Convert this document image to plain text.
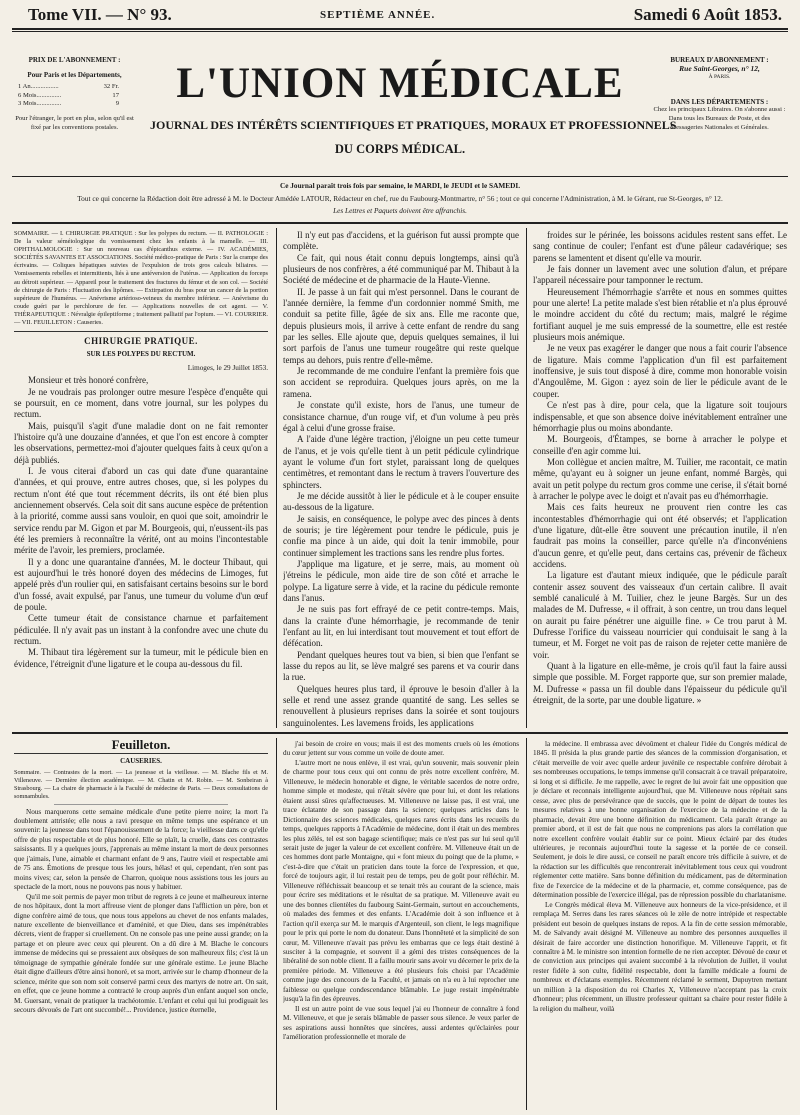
Tome VII. — N° 93.	SEPTIÈME ANNÉE.	Samedi 6 Août 1853.
PRIX DE L'ABONNEMENT :
Pour Paris et les Départements,
1 An.................	32 Fr.
6 Mois...............	17
3 Mois...............	9
Pour l'étranger, le port en plus, selon qu'il est fixé par les conventions postales.
BUREAUX D'ABONNEMENT :
Rue Saint-Georges, n° 12,
À PARIS.
DANS LES DÉPARTEMENTS :
Chez les principaux Libraires. On s'abonne aussi : Dans tous les Bureaux de Poste, et des Messageries Nationales et Générales.
L'UNION MÉDICALE
JOURNAL DES INTÉRÊTS SCIENTIFIQUES ET PRATIQUES, MORAUX ET PROFESSIONNELS
DU CORPS MÉDICAL.
Ce Journal paraît trois fois par semaine, le MARDI, le JEUDI et le SAMEDI.
Tout ce qui concerne la Rédaction doit être adressé à M. le Docteur Amédée LATOUR, Rédacteur en chef, rue du Faubourg-Montmartre, n° 56 ; tout ce qui concerne l'Administration, à M. le Gérant, rue St-Georges, n° 12.
Les Lettres et Paquets doivent être affranchis.
SOMMAIRE. — I. CHIRURGIE PRATIQUE : Sur les polypes du rectum. — II. PATHOLOGIE : De la valeur séméiologique du vomissement chez les enfants à la mamelle. — III. OPHTHALMOLOGIE : Sur un nouveau cas d'épicanthus externe. — IV. ACADÉMIES, SOCIÉTÉS SAVANTES ET ASSOCIATIONS. Société médico-pratique de Paris : Sur la crampe des écrivains. — Coliques hépatiques suivies de l'expulsion de trois gros calculs biliaires. — Vomissements rebelles et intermittents, liés à une antéversion de l'utérus. — Application du forceps au détroit supérieur. — Appareil pour le traitement des fractures du fémur et de son col. — Société de chirurgie de Paris : Fluctuation des lipômes. — Extirpation du bras pour un cancer de la portion supérieure de l'humérus. — Anévrisme artérioso-veineux du membre inférieur. — Anévrisme du coude guéri par le perchlorure de fer. — Applications nouvelles de cet agent. — V. THÉRAPEUTIQUE : Névralgie épileptiforme ; traitement palliatif par l'opium. — VI. COURRIER. — VII. FEUILLETON : Causeries.
CHIRURGIE PRATIQUE.
SUR LES POLYPES DU RECTUM.
Limoges, le 29 Juillet 1853.

Monsieur et très honoré confrère,

Je ne voudrais pas prolonger outre mesure l'espèce d'enquête qui se poursuit, en ce moment, dans votre journal, sur les polypes du rectum.

Mais, puisqu'il s'agit d'une maladie dont on ne fait remonter l'histoire qu'à une douzaine d'années, et que l'on est encore à compter les observations, permettez-moi d'ajouter quelques faits à ceux qu'on a déjà publiés.

I. Je vous citerai d'abord un cas qui date d'une quarantaine d'années, et qui prouve, entre autres choses, que, si les polypes du rectum n'ont été que tout récemment décrits, ils ont été bien plus anciennement observés. Cela soit dit sans aucune espèce de prétention à la priorité, comme aussi sans vouloir, en quoi que soit, amoindrir le service rendu par M. Gigon et par M. Bourgeois, qui, n'eussent-ils pas été les premiers à reconnaître la vérité, ont au moins l'incontestable mérite de l'avoir, les premiers, proclamée.

Il y a donc une quarantaine d'années, M. le docteur Thibaut, qui est aujourd'hui le très honoré doyen des médecins de Limoges, fut appelé près d'un roulier qui, en satisfaisant certains besoins sur le bord d'un fossé, avait expulsé, par l'anus, une tumeur du volume d'un œuf de poule.

Cette tumeur était de consistance charnue et parfaitement pédiculée. Il n'y avait pas un instant à la confondre avec une chute du rectum.

M. Thibaut tira légèrement sur la tumeur, mit le pédicule bien en évidence, l'étreignit d'une ligature et le coupa au-dessous du fil.

Il n'y eut pas d'accidens, et la guérison fut aussi prompte que complète.

Ce fait, qui nous était connu depuis longtemps, ainsi qu'à plusieurs de nos confrères, a été communiqué par M. Thibaut à la Société de médecine et de pharmacie de la Haute-Vienne.

II. Je passe à un fait qui m'est personnel. Dans le courant de l'année dernière, la femme d'un cordonnier nommé Smith, me conduit sa petite fille, âgée de six ans. Elle me raconte que, depuis plusieurs mois, il arrive à cette enfant de rendre du sang par les selles. Elle ajoute que, depuis quelques semaines, il lui sort parfois de l'anus une tumeur rougeâtre qui reste quelque temps au dehors, puis rentre d'elle-même.

Je recommande de me conduire l'enfant la première fois que son accident se reproduira. Quelques jours après, on me la ramena.

Je constate qu'il existe, hors de l'anus, une tumeur de consistance charnue, d'un rouge vif, et d'un volume à peu près égal à celui d'une grosse fraise.

A l'aide d'une légère traction, j'éloigne un peu cette tumeur de l'anus, et je vois qu'elle tient à un petit pédicule cylindrique ayant le volume d'un fort stylet, paraissant long de quelques centimètres, et remontant dans le rectum à travers l'ouverture des sphincters.

Je me décide aussitôt à lier le pédicule et à le couper ensuite au-dessous de la ligature.

Je saisis, en conséquence, le polype avec des pinces à dents de souris; je tire légèrement pour tendre le pédicule, puis je confie ma pince à un aide, qui doit la tenir immobile, pour continuer simplement les tractions sans les rendre plus fortes.

J'applique ma ligature, et je serre, mais, au moment où j'étreins le pédicule, mon aide tire de son côté et arrache le polype. La ligature serre à vide, et la racine du pédicule remonte dans l'anus.

Je ne suis pas fort effrayé de ce petit contre-temps. Mais, dans la crainte d'une hémorrhagie, je recommande de tenir l'enfant au lit, en lui interdisant tout mouvement et tout effort de défécation.

Pendant quelques heures tout va bien, si bien que l'enfant se lasse du repos au lit, se lève malgré ses parens et va courir dans la rue.

Quelques heures plus tard, il éprouve le besoin d'aller à la selle et rend une assez grande quantité de sang. Les selles se renouvellent à plusieurs reprises dans la soirée et sont toujours sanguinolentes. Les lavemens froids, les applications

froides sur le périnée, les boissons acidules restent sans effet. Le sang continue de couler; l'enfant est d'une pâleur cadavérique; ses parens se lamentent et disent qu'elle va mourir.

Je fais donner un lavement avec une solution d'alun, et prépare l'appareil nécessaire pour tamponner le rectum.

Heureusement l'hémorrhagie s'arrête et nous en sommes quittes pour une alerte! La petite malade s'est bien rétablie et n'a plus éprouvé le moindre accident du côté du rectum; mais, malgré le régime fortifiant auquel je me suis empressé de la soumettre, elle est restée plusieurs mois anémique.

Je ne veux pas exagérer le danger que nous a fait courir l'absence de ligature. Mais comme l'application d'un fil est parfaitement inoffensive, je suis tout disposé à dire, comme mon honorable voisin d'Angoulême, M. Gigon : ayez soin de lier le pédicule avant de le couper.

Ce n'est pas à dire, pour cela, que la ligature soit toujours indispensable, et que son absence doive inévitablement entraîner une hémorrhagie plus ou moins abondante.

M. Bourgeois, d'Étampes, se borne à arracher le polype et conseille d'en agir comme lui.

Mon collègue et ancien maître, M. Tuilier, me racontait, ce matin même, qu'ayant eu à soigner un jeune enfant, nommé Bargès, qui avait un petit polype du rectum gros comme une cerise, il s'était borné à arracher le polype avec le doigt et n'avait pas eu d'hémorrhagie.

Mais ces faits heureux ne prouvent rien contre les cas incontestables d'hémorrhagie qui ont été observés; et l'application d'une ligature, dût-elle être souvent une précaution inutile, il n'en faudrait pas moins la conseiller, parce qu'elle n'a d'inconvéniens d'aucun genre, et qu'elle peut, dans certains cas, prévenir de fâcheux accidens.

La ligature est d'autant mieux indiquée, que le pédicule paraît contenir assez souvent des vaisseaux d'un certain calibre. Il avait semblé canaliculé à M. Tuilier, chez le jeune Bargès. Sur un des malades de M. Dufresse, « il offrait, à son centre, un trou dans lequel on aurait pu faire pénétrer une aiguille fine. » Ce trou parut à M. Dufresse l'orifice du vaisseau nourricier qui conduisait le sang à la tumeur, et M. Forget ne voit pas de raison de rejeter cette manière de voir.

Quant à la ligature en elle-même, je crois qu'il faut la faire aussi simple que possible. M. Forget rapporte que, sur son premier malade, M. Dufresse « passa un fil double dans l'épaisseur du pédicule qu'il étreignit, de la sorte, par une double ligature. »

Feuilleton.
CAUSERIES.
Sommaire. — Contrastes de la mort. — La jeunesse et la vieillesse. — M. Blache fils et M. Villeneuve. — Dernière élection académique. — M. Chatin et M. Robin. — M. Sonbeiran à Strasbourg. — La chaire de pharmacie à la Faculté de médecine de Paris. — Deux consultations de somnambules.

Nous marquerons cette semaine médicale d'une petite pierre noire; la mort l'a doublement attristée; elle nous a ravi presque en même temps une espérance et un souvenir: la jeunesse dans tout l'épanouissement de la force; la vieillesse dans ce qu'elle offre de plus respectable et de plus honoré. Elle se plaît, la cruelle, dans ces contrastes saisissants. Il y a quelques jours, j'apprenais au même instant la mort de deux personnes que j'aimais, l'une, aimable et charmant enfant de 9 ans, l'autre vieil et respectable ami de 75 ans. Émotions de presque tous les jours, hélas! et qui, cependant, n'en sont pas moins vives; car, selon la pensée de Charron, quoique nous assistions tous les jours au spectacle de la mort, nous ne pouvons pas nous y habituer.

Qu'il me soit permis de payer mon tribut de regrets à ce jeune et malheureux interne de nos hôpitaux, dont la mort affreuse vient de plonger dans l'affliction un père, bon et digne confrère aimé de tous, que nous tous appelons au chevet de nos enfants malades, nature excellente de bienveillance et d'aménité, et que Dieu, dans ses impénétrables décrets, vient de frapper si cruellement. On ne console pas une peine aussi grande; on la partage et on pleure avec ceux qui pleurent. On a dû dire à M. Blache le concours immense de médecins qui se pressaient aux obsèques de son malheureux fils; c'est là un témoignage de sympathie générale fondée sur une générale estime. Le jeune Blache était digne d'ailleurs d'être ainsi honoré, et sa mort, arrivée sur le champ d'honneur de la science, mérite que son nom soit conservé parmi ceux des martyrs de notre art. On sait, en effet, que ce jeune homme a contracté le croup auprès d'un enfant auquel son oncle, M. Guersant, venait de pratiquer la trachéotomie. L'enfant et celui qui lui prodiguait les secours dévoués de l'art ont succombé!... Providence, justice éternelle,

j'ai besoin de croire en vous; mais il est des moments cruels où les émotions du cœur jettent sur vous comme un voile de doute amer.

L'autre mort ne nous enlève, il est vrai, qu'un souvenir, mais souvenir plein de charme pour tous ceux qui ont connu de près notre excellent confrère, M. Villeneuve, le médecin honorable et digne, le véritable sacerdos de notre ordre, homme simple et modeste, qui n'était sévère que pour lui, et dont les relations étaient aussi sûres qu'affectueuses. M. Villeneuve ne laisse pas, il est vrai, une trace éclatante de son passage dans la science; quelques articles dans le Dictionnaire des sciences médicales, quelques rares écrits dans les recueils du temps, quelques rapports à l'Académie de médecine, dont il était un des membres les plus zélés, tel est son bagage scientifique; mais ce n'est pas sur lui seul qu'il serait juste de juger la valeur de cet excellent confrère. M. Villeneuve était un de ces hommes dont parle Montaigne, qui « font mieux du poingt que de la plume, » c'est-à-dire que c'était un praticien dans toute la force de l'expression, et que, forcé de toujours agir, il lui restait peu de temps, peu de goût pour réfléchir. M. Villeneuve réfléchissait beaucoup et se tenait très au courant de la science, mais pour écrire ses méditations et le résultat de sa pratique. M. Villeneuve avait eu une des bonnes clientèles du faubourg Saint-Germain, surtout en accouchements, où malades des femmes et des enfants. L'Académie doit à son influence et à l'action qu'il exerça sur M. le marquis d'Argenteuil, son client, le legs magnifique pour le prix qui porte le nom du donateur. Dans l'honnêteté et la simplicité de son cœur, M. Villeneuve n'avait pas prévu les embarras que ce legs était destiné à susciter à la compagnie, et souvent il a gémi des tristes conséquences de la libéralité de son noble client. Il a faillu mourir sans avoir vu décerner le prix de la première période. M. Villeneuve a été plusieurs fois choisi par l'Académie comme juge des concours de la Faculté, et jamais on n'a eu à lui reprocher une faiblesse ou quelque condescendance blâmable. Le juge restait impénétrable jusqu'à la fin des épreuves.

Il est un autre point de vue sous lequel j'ai eu l'honneur de connaître à fond M. Villeneuve, et que je serais blâmable de passer sous silence. Je veux parler de ses aspirations aussi honnêtes que sincères, aussi ardentes qu'éclairées pour l'amélioration professionnelle et morale de

la médecine. Il embrassa avec dévoûment et chaleur l'idée du Congrès médical de 1845. Il présida la plus grande partie des séances de la commission d'organisation, et c'était merveille de voir avec quelle ardeur juvénile ce respectable confrère dérobait à ses nombreuses occupations, le temps immense qu'il consacrait à ce travail préparatoire, si long et si difficile. Je me rappelle, avec le regret de lui avoir fait une opposition que je déclare et reconnais intelligente aujourd'hui, que M. Villeneuve nous répétait sans cesse, avec plus de persévérance que de succès, que le point de départ de toutes les mesures relatives à une bonne organisation de l'exercice de la médecine et de la pharmacie, devait être une bonne définition du médicament. Cela paraît étrange au premier abord, et il est de fait que nous ne comprenions pas alors la corrélation que notre excellent confrère voulait établir sur ce point. Mieux éclairé par des études ultérieures, je reconnais aujourd'hui toute la sagesse et la portée de ce conseil. Seulement, je dois le dire aussi, ce conseil ne paraît encore très difficile à suivre, et de la rédaction sur les difficultés que rencontrerait inévitablement tous ceux qui voudront réglementer cette matière. Sans bonne définition du médicament, pas de détermination fixe de l'exercice de la médecine et de la pharmacie, et, comme conséquence, pas de détermination possible de l'exercice illégal, pas de répression possible du charlatanisme.

Le Congrès médical éleva M. Villeneuve aux honneurs de la vice-présidence, et il remplaça M. Serres dans les rares séances où le zèle de notre intrépide et respectable président eut besoin de quelques instans de repos. A la fin de cette session mémorable, M. de Salvandy avait désigné M. Villeneuve au nombre des personnes auxquelles il désirait de faire accorder une distinction honorifique. M. Villeneuve l'apprit, et fit connaître à M. le ministre son intention formelle de ne rien accepter. Dévoué de cœur et de conviction aux principes qui avaient succombé à la révolution de Juillet, il voulut rester fidèle à son culte, fidélité respectable, dont la famille médicale a fourni de nombreux et d'éclatans exemples. Récemment réclamé le serment, Dupuytren mettant un million à la disposition du roi Charles X, Villeneuve n'acceptant pas la croix d'honneur; plus récemment, un illustre professeur quittant sa chaire pour rester fidèle à la religion du malheur, voilà
